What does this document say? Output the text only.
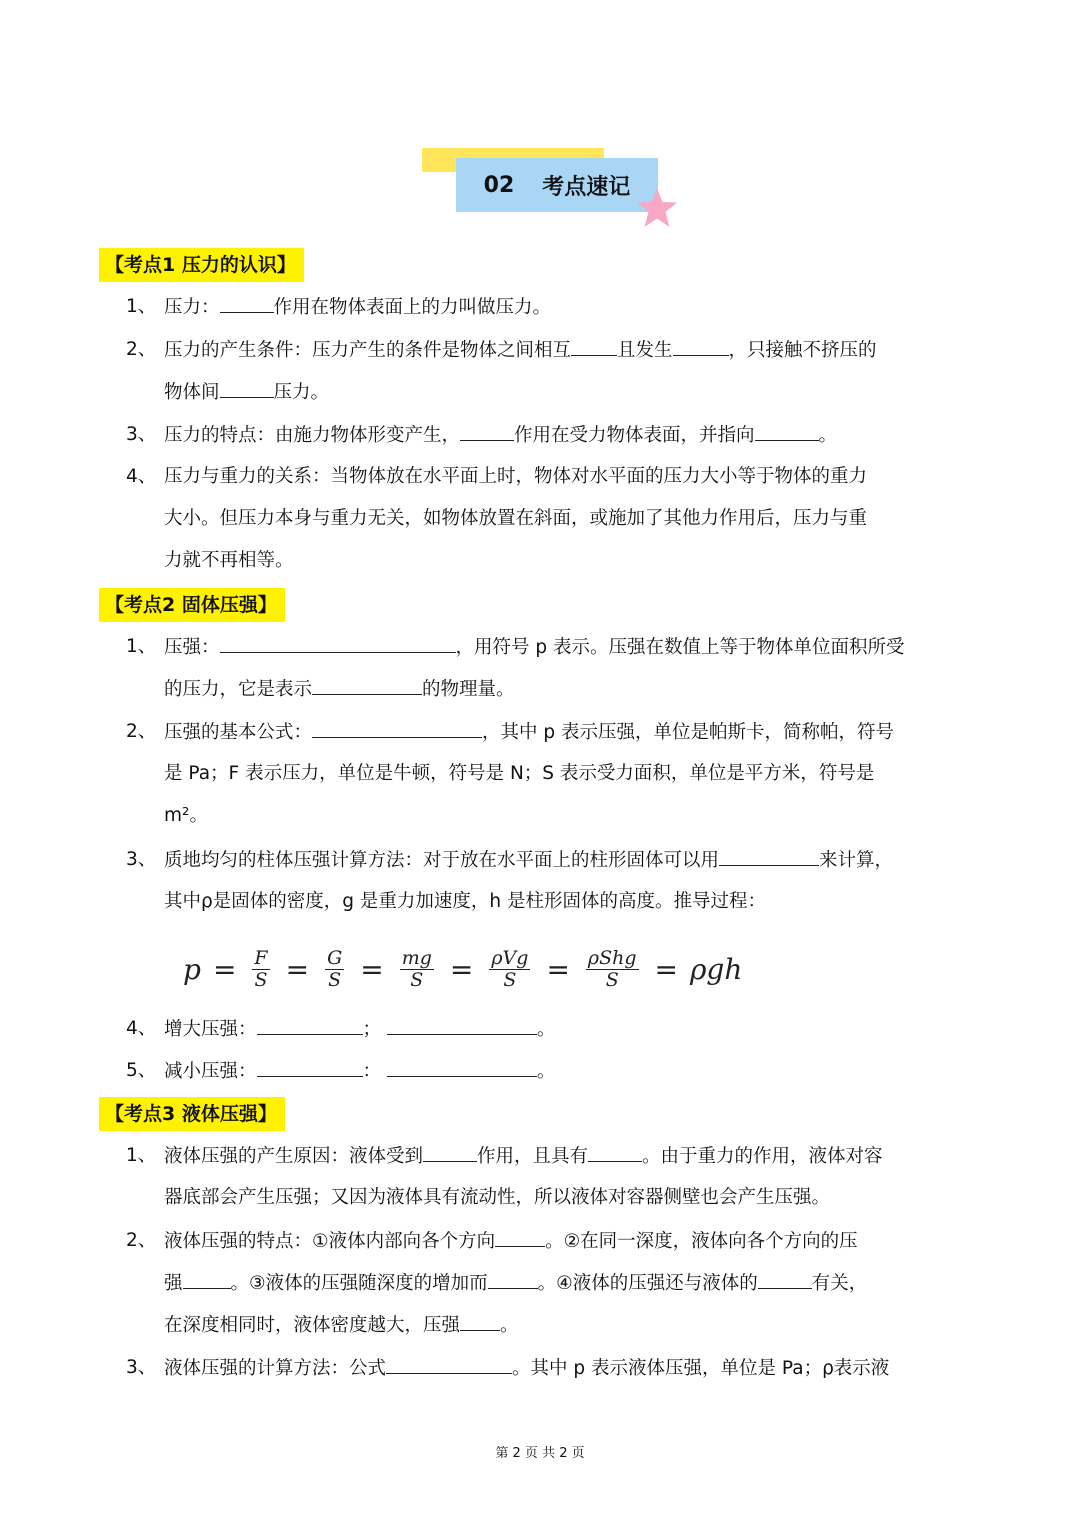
02 考点速记
【考点1 压力的认识】
1、 压力：	作用在物体表面上的力叫做压力。
2、 压力的产生条件：压力产生的条件是物体之间相互 且发生	，只接触不挤压的
物体间	压力。
3、 压力的特点：由施力物体形变产生，	作用在受力物体表面，并指向	。
4、 压力与重力的关系：当物体放在水平面上时，物体对水平面的压力大小等于物体的重力
大小。但压力本身与重力无关，如物体放置在斜面，或施加了其他力作用后，压力与重
力就不再相等。
【考点2 固体压强】
1、 压强：	，用符号 p 表示。压强在数值上等于物体单位面积所受
的压力，它是表示	的物理量。
2、 压强的基本公式：	，其中 p 表示压强，单位是帕斯卡，简称帕，符号
是 Pa；F 表示压力，单位是牛顿，符号是 N；S 表示受力面积，单位是平方米，符号是
m²。
3、 质地均匀的柱体压强计算方法：对于放在水平面上的柱形固体可以用	来计算，
其中ρ是固体的密度，g 是重力加速度，h 是柱形固体的高度。推导过程：
$p = \frac{F}{S} = \frac{G}{S} = \frac{mg}{S} = \frac{\text{ρVg}}{S} = \frac{\text{ρShg}}{S} = \rho gh$
4、 增大压强：	；	。
5、 减小压强：	：	。
【考点3 液体压强】
1、 液体压强的产生原因：液体受到	作用，且具有	。由于重力的作用，液体对容
器底部会产生压强；又因为液体具有流动性，所以液体对容器侧壁也会产生压强。
2、 液体压强的特点：①液体内部向各个方向	。②在同一深度，液体向各个方向的压
强	。③液体的压强随深度的增加而	。④液体的压强还与液体的	有关，
在深度相同时，液体密度越大，压强 。
3、 液体压强的计算方法：公式	。其中 p 表示液体压强，单位是 Pa；ρ表示液
第 2 页 共 2 页
